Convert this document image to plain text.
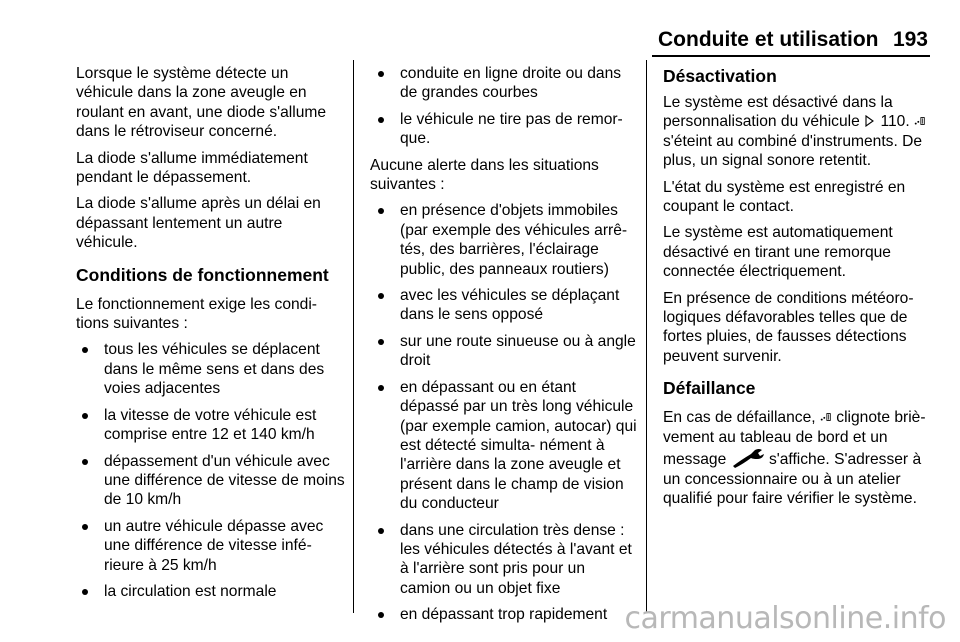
Conduite et utilisation 193

Lorsque le système détecte un véhicule dans la zone aveugle en roulant en avant, une diode s'allume dans le rétroviseur concerné.

La diode s'allume immédiatement pendant le dépassement.

La diode s'allume après un délai en dépassant lentement un autre véhicule.

Conditions de fonctionnement

Le fonctionnement exige les condi- tions suivantes :

tous les véhicules se déplacent dans le même sens et dans des voies adjacentes
la vitesse de votre véhicule est comprise entre 12 et 140 km/h
dépassement d'un véhicule avec une différence de vitesse de moins de 10 km/h
un autre véhicule dépasse avec une différence de vitesse infé- rieure à 25 km/h
la circulation est normale
conduite en ligne droite ou dans de grandes courbes
le véhicule ne tire pas de remor- que.

Aucune alerte dans les situations suivantes :

en présence d'objets immobiles (par exemple des véhicules arrê- tés, des barrières, l'éclairage public, des panneaux routiers)
avec les véhicules se déplaçant dans le sens opposé
sur une route sinueuse ou à angle droit
en dépassant ou en étant dépassé par un très long véhicule (par exemple camion, autocar) qui est détecté simulta- nément à l'arrière dans la zone aveugle et présent dans le champ de vision du conducteur
dans une circulation très dense : les véhicules détectés à l'avant et à l'arrière sont pris pour un camion ou un objet fixe
en dépassant trop rapidement
Désactivation

Le système est désactivé dans la personnalisation du véhicule 110.  s'éteint au combiné d'instruments. De plus, un signal sonore retentit.

L'état du système est enregistré en coupant le contact.

Le système est automatiquement désactivé en tirant une remorque connectée électriquement.

En présence de conditions météoro- logiques défavorables telles que de fortes pluies, de fausses détections peuvent survenir.

Défaillance

En cas de défaillance, clignote briè- vement au tableau de bord et un message	s'affiche. S'adresser à un concessionnaire ou à un atelier qualifié pour faire vérifier le système.

carmanualsonline.info
